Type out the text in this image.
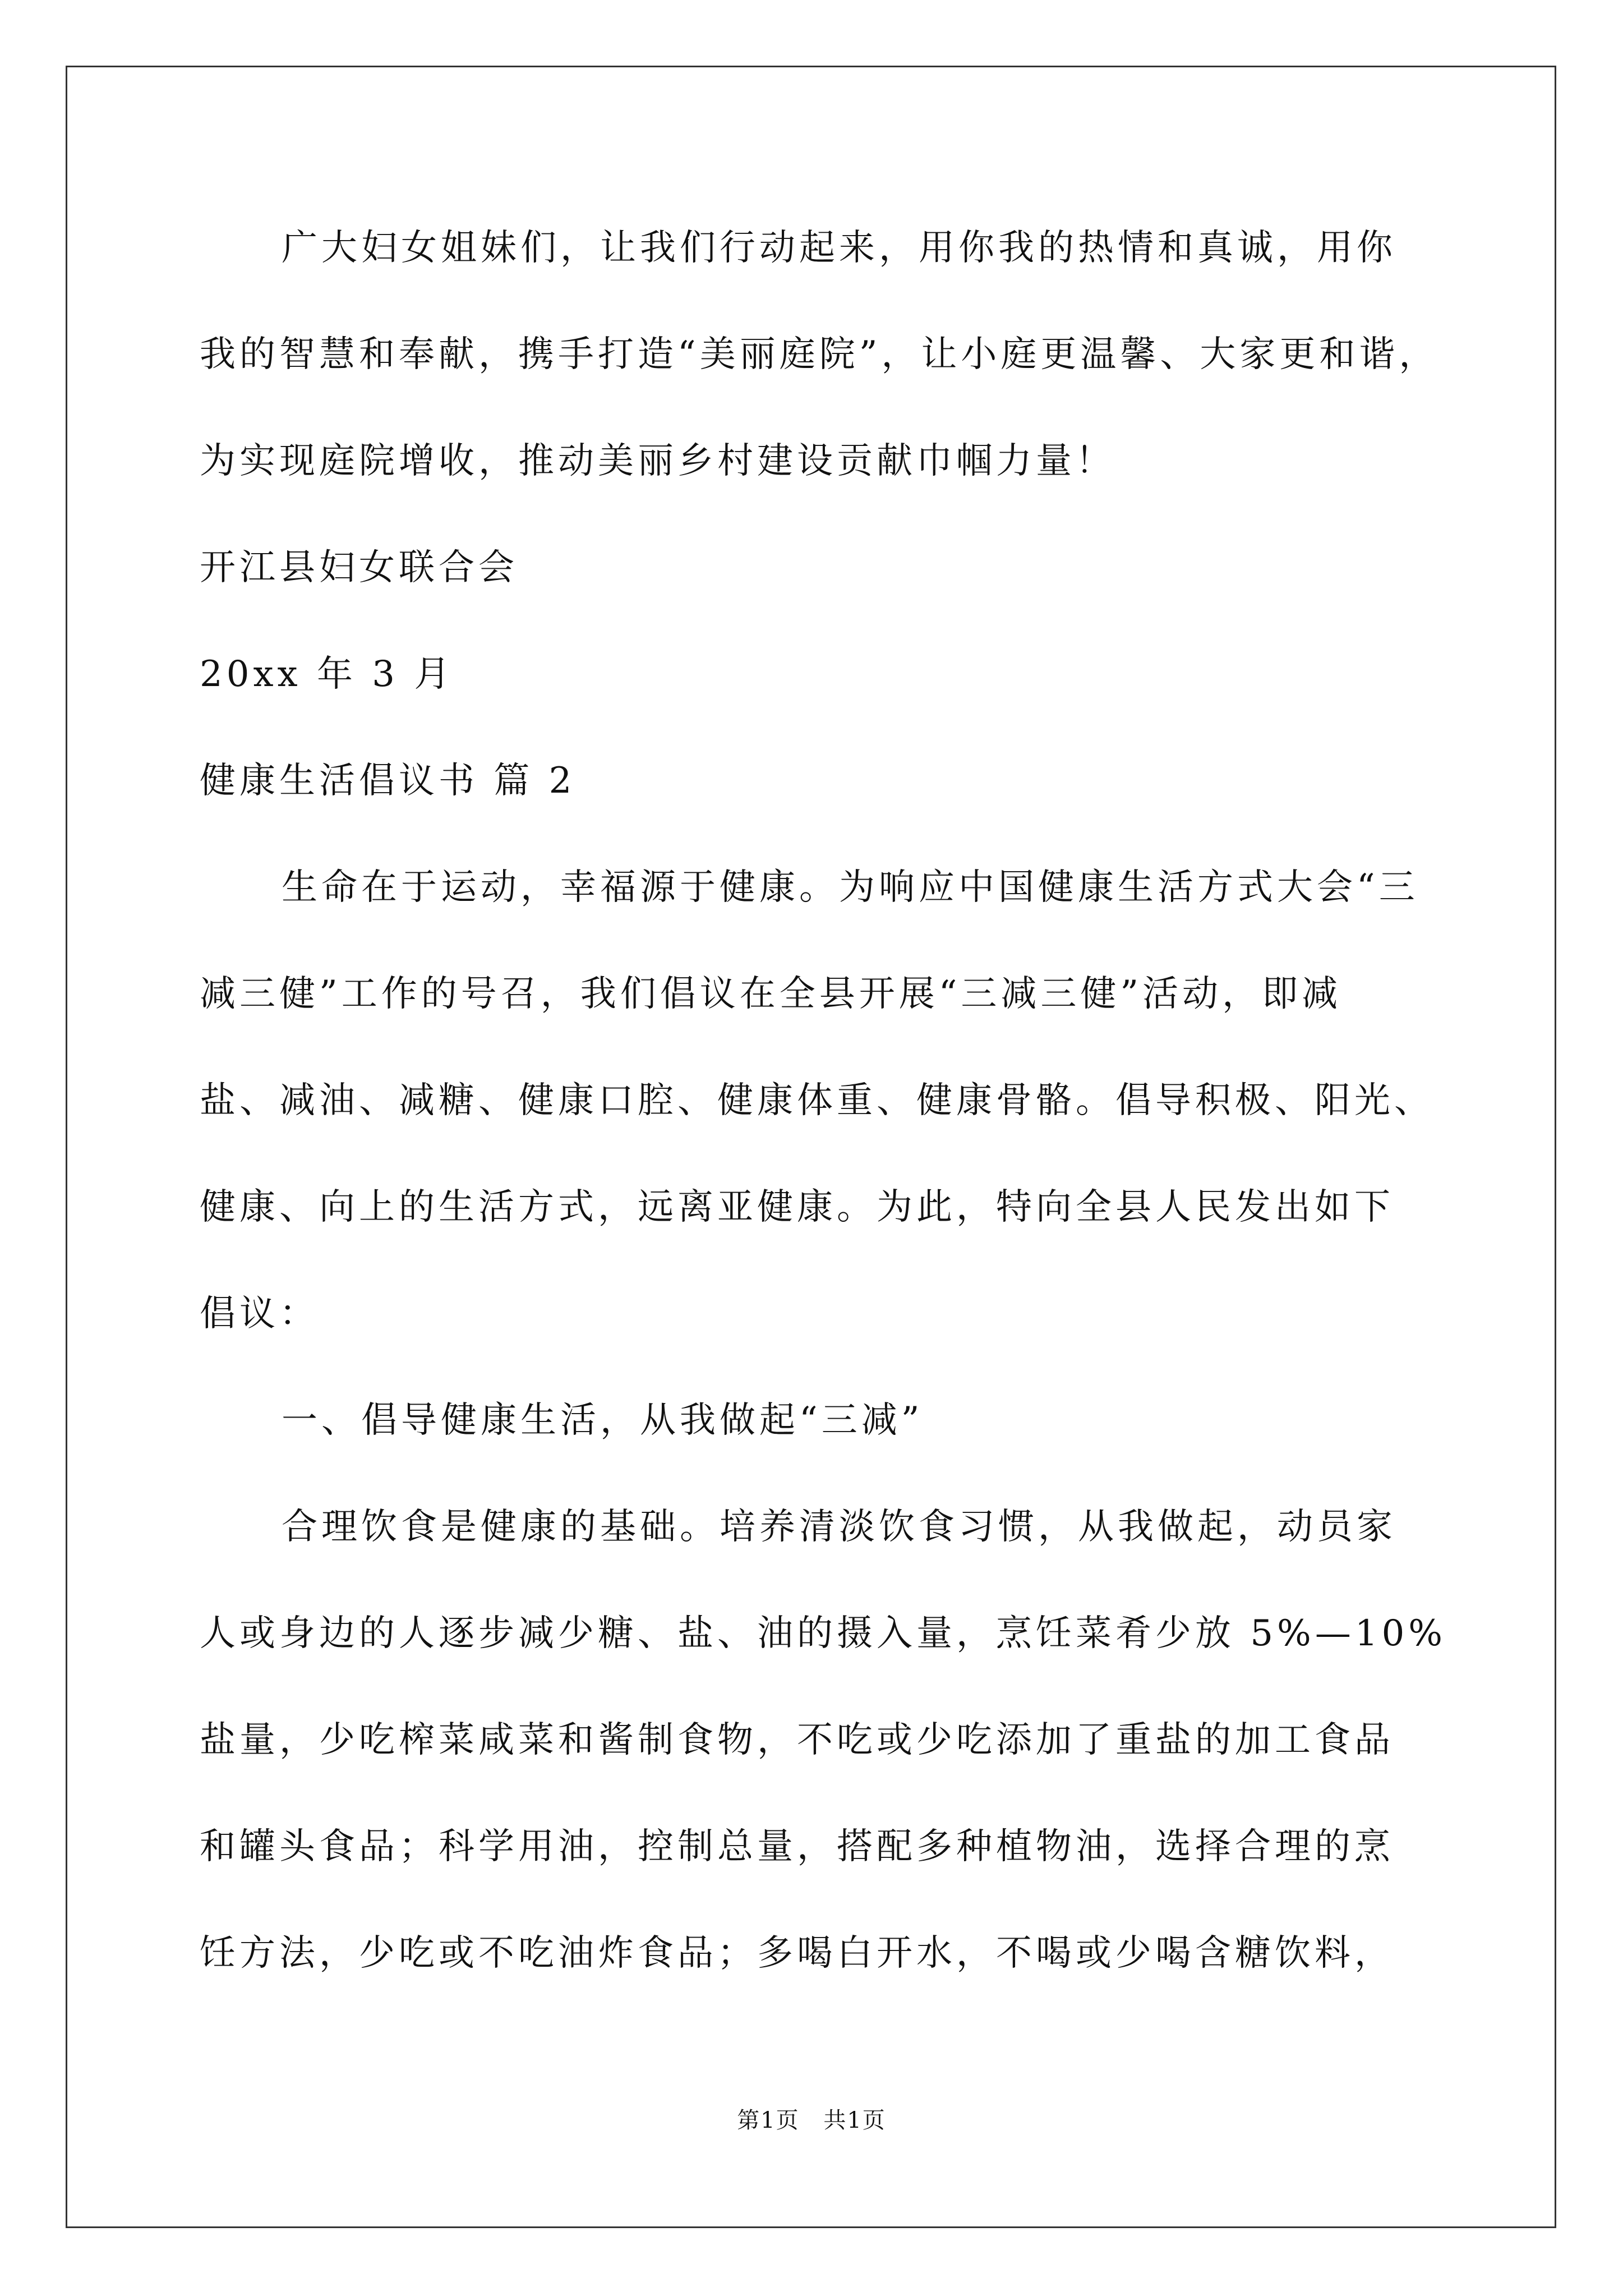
广大妇女姐妹们，让我们行动起来，用你我的热情和真诚，用你
我的智慧和奉献，携手打造“美丽庭院”，让小庭更温馨、大家更和谐，
为实现庭院增收，推动美丽乡村建设贡献巾帼力量！
开江县妇女联合会
20xx 年 3 月
健康生活倡议书 篇 2
生命在于运动，幸福源于健康。为响应中国健康生活方式大会“三
减三健”工作的号召，我们倡议在全县开展“三减三健”活动，即减
盐、减油、减糖、健康口腔、健康体重、健康骨骼。倡导积极、阳光、
健康、向上的生活方式，远离亚健康。为此，特向全县人民发出如下
倡议：
一、倡导健康生活，从我做起“三减”
合理饮食是健康的基础。培养清淡饮食习惯，从我做起，动员家
人或身边的人逐步减少糖、盐、油的摄入量，烹饪菜肴少放 5%—10%
盐量，少吃榨菜咸菜和酱制食物，不吃或少吃添加了重盐的加工食品
和罐头食品；科学用油，控制总量，搭配多种植物油，选择合理的烹
饪方法，少吃或不吃油炸食品；多喝白开水，不喝或少喝含糖饮料，
第1页 共1页
